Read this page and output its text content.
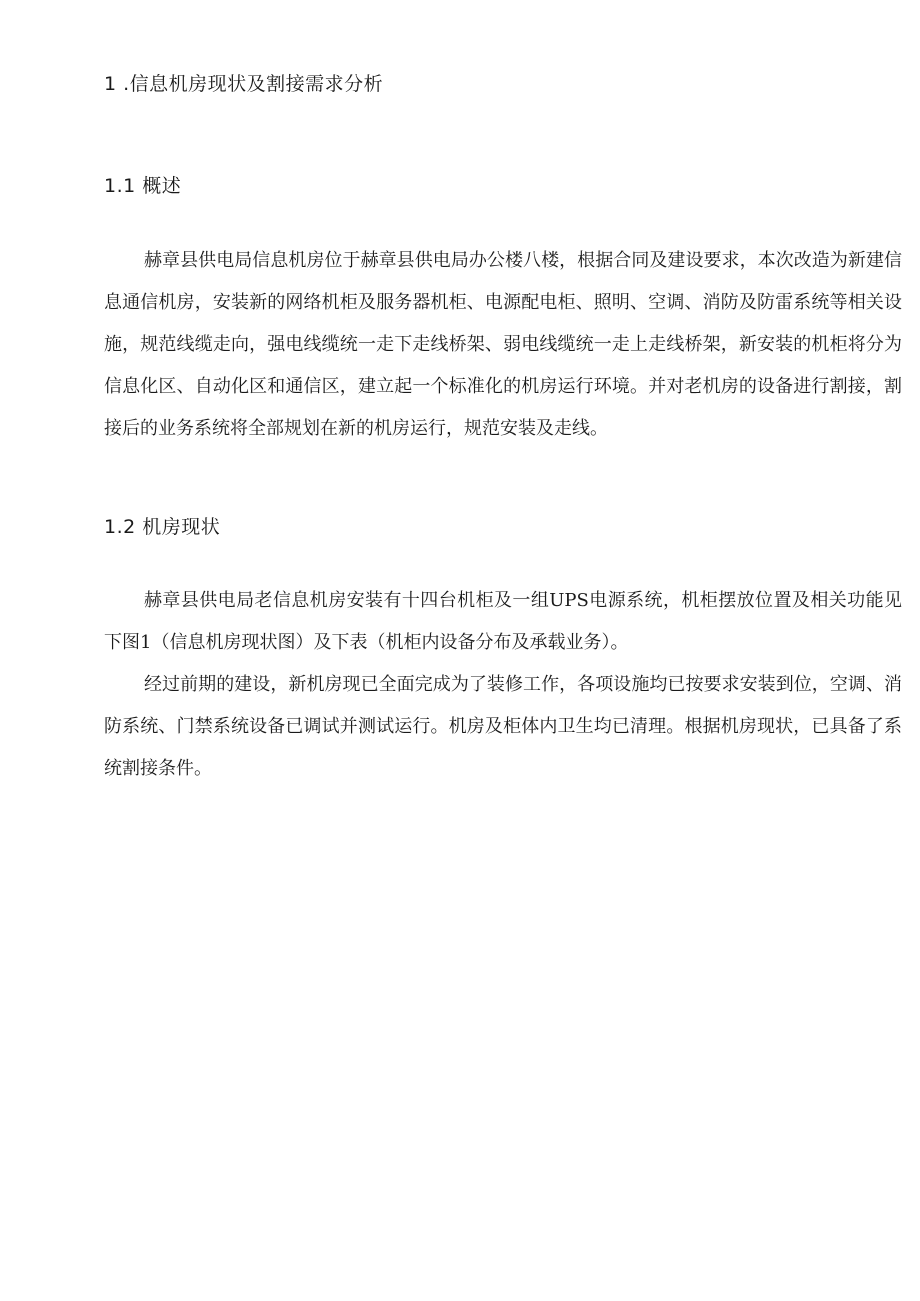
1 .信息机房现状及割接需求分析
1.1 概述

赫章县供电局信息机房位于赫章县供电局办公楼八楼，根据合同及建设要求，本次改造为新建信息通信机房，安装新的网络机柜及服务器机柜、电源配电柜、照明、空调、消防及防雷系统等相关设施，规范线缆走向，强电线缆统一走下走线桥架、弱电线缆统一走上走线桥架，新安装的机柜将分为信息化区、自动化区和通信区，建立起一个标准化的机房运行环境。并对老机房的设备进行割接，割接后的业务系统将全部规划在新的机房运行，规范安装及走线。

1.2 机房现状

赫章县供电局老信息机房安装有十四台机柜及一组UPS电源系统，机柜摆放位置及相关功能见下图1（信息机房现状图）及下表（机柜内设备分布及承载业务）。

经过前期的建设，新机房现已全面完成为了装修工作，各项设施均已按要求安装到位，空调、消防系统、门禁系统设备已调试并测试运行。机房及柜体内卫生均已清理。根据机房现状，已具备了系统割接条件。
